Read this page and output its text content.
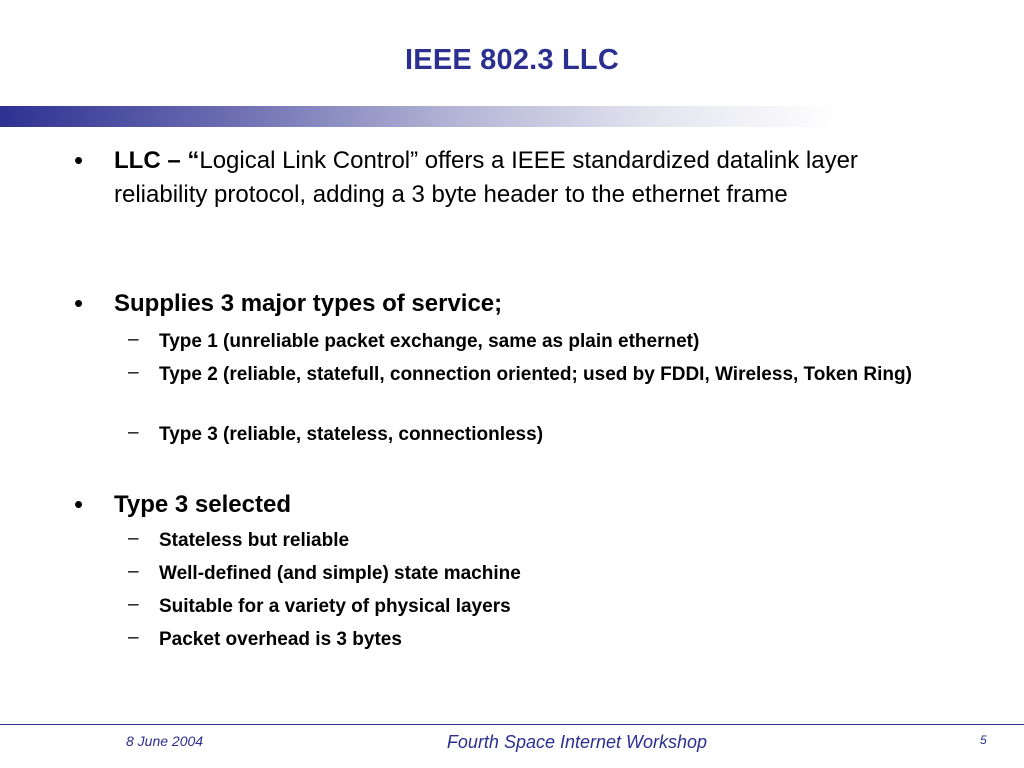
IEEE 802.3 LLC
• LLC – “Logical Link Control” offers a IEEE standardized datalink layer reliability protocol, adding a 3 byte header to the ethernet frame
• Supplies 3 major types of service;
– Type 1 (unreliable packet exchange, same as plain ethernet)
– Type 2 (reliable, statefull, connection oriented; used by FDDI, Wireless, Token Ring)
– Type 3 (reliable, stateless, connectionless)
• Type 3 selected
– Stateless but reliable
– Well-defined (and simple) state machine
– Suitable for a variety of physical layers
– Packet overhead is 3 bytes
8 June 2004	Fourth Space Internet Workshop	5
